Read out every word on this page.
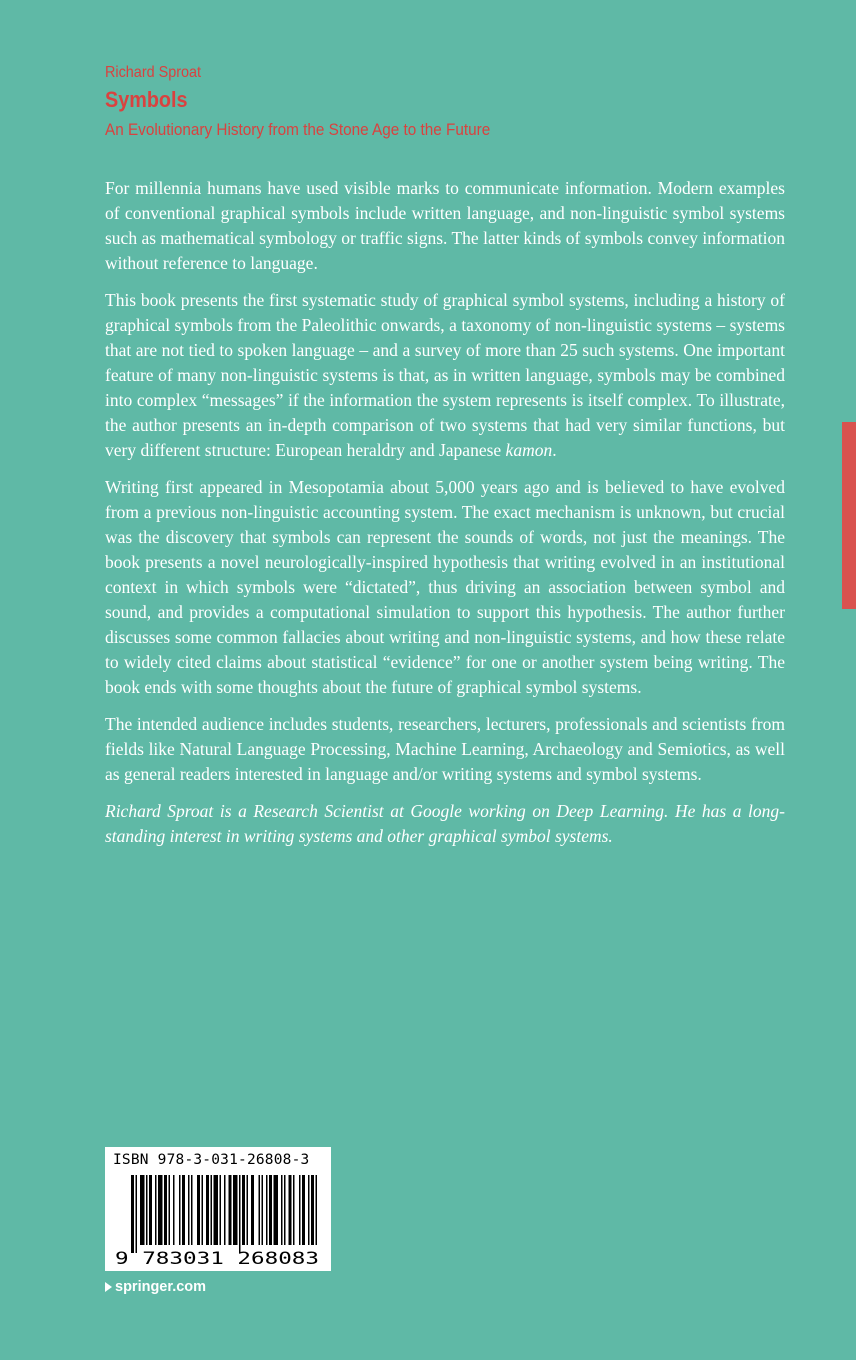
Richard Sproat
Symbols
An Evolutionary History from the Stone Age to the Future

For millennia humans have used visible marks to communicate information. Modern examples of conventional graphical symbols include written language, and non-linguistic symbol systems such as mathematical symbology or traffic signs. The latter kinds of symbols convey information without reference to language.

This book presents the first systematic study of graphical symbol systems, including a history of graphical symbols from the Paleolithic onwards, a taxonomy of non-linguistic systems – systems that are not tied to spoken language – and a survey of more than 25 such systems. One important feature of many non-linguistic systems is that, as in written language, symbols may be combined into complex “messages” if the information the system represents is itself complex. To illustrate, the author presents an in-depth comparison of two systems that had very similar functions, but very different structure: European heraldry and Japanese kamon.

Writing first appeared in Mesopotamia about 5,000 years ago and is believed to have evolved from a previous non-linguistic accounting system. The exact mechanism is unknown, but crucial was the discovery that symbols can represent the sounds of words, not just the meanings. The book presents a novel neurologically-inspired hypothesis that writing evolved in an institutional context in which symbols were “dictated”, thus driving an association between symbol and sound, and provides a computational simulation to support this hypothesis. The author further discusses some common fallacies about writing and non-linguistic systems, and how these relate to widely cited claims about statistical “evidence” for one or another system being writing. The book ends with some thoughts about the future of graphical symbol systems.

The intended audience includes students, researchers, lecturers, professionals and scientists from fields like Natural Language Processing, Machine Learning, Archaeology and Semiotics, as well as general readers interested in language and/or writing systems and symbol systems.

Richard Sproat is a Research Scientist at Google working on Deep Learning. He has a long-standing interest in writing systems and other graphical symbol systems.

ISBN 978-3-031-26808-3
9 783031 268083
springer.com
